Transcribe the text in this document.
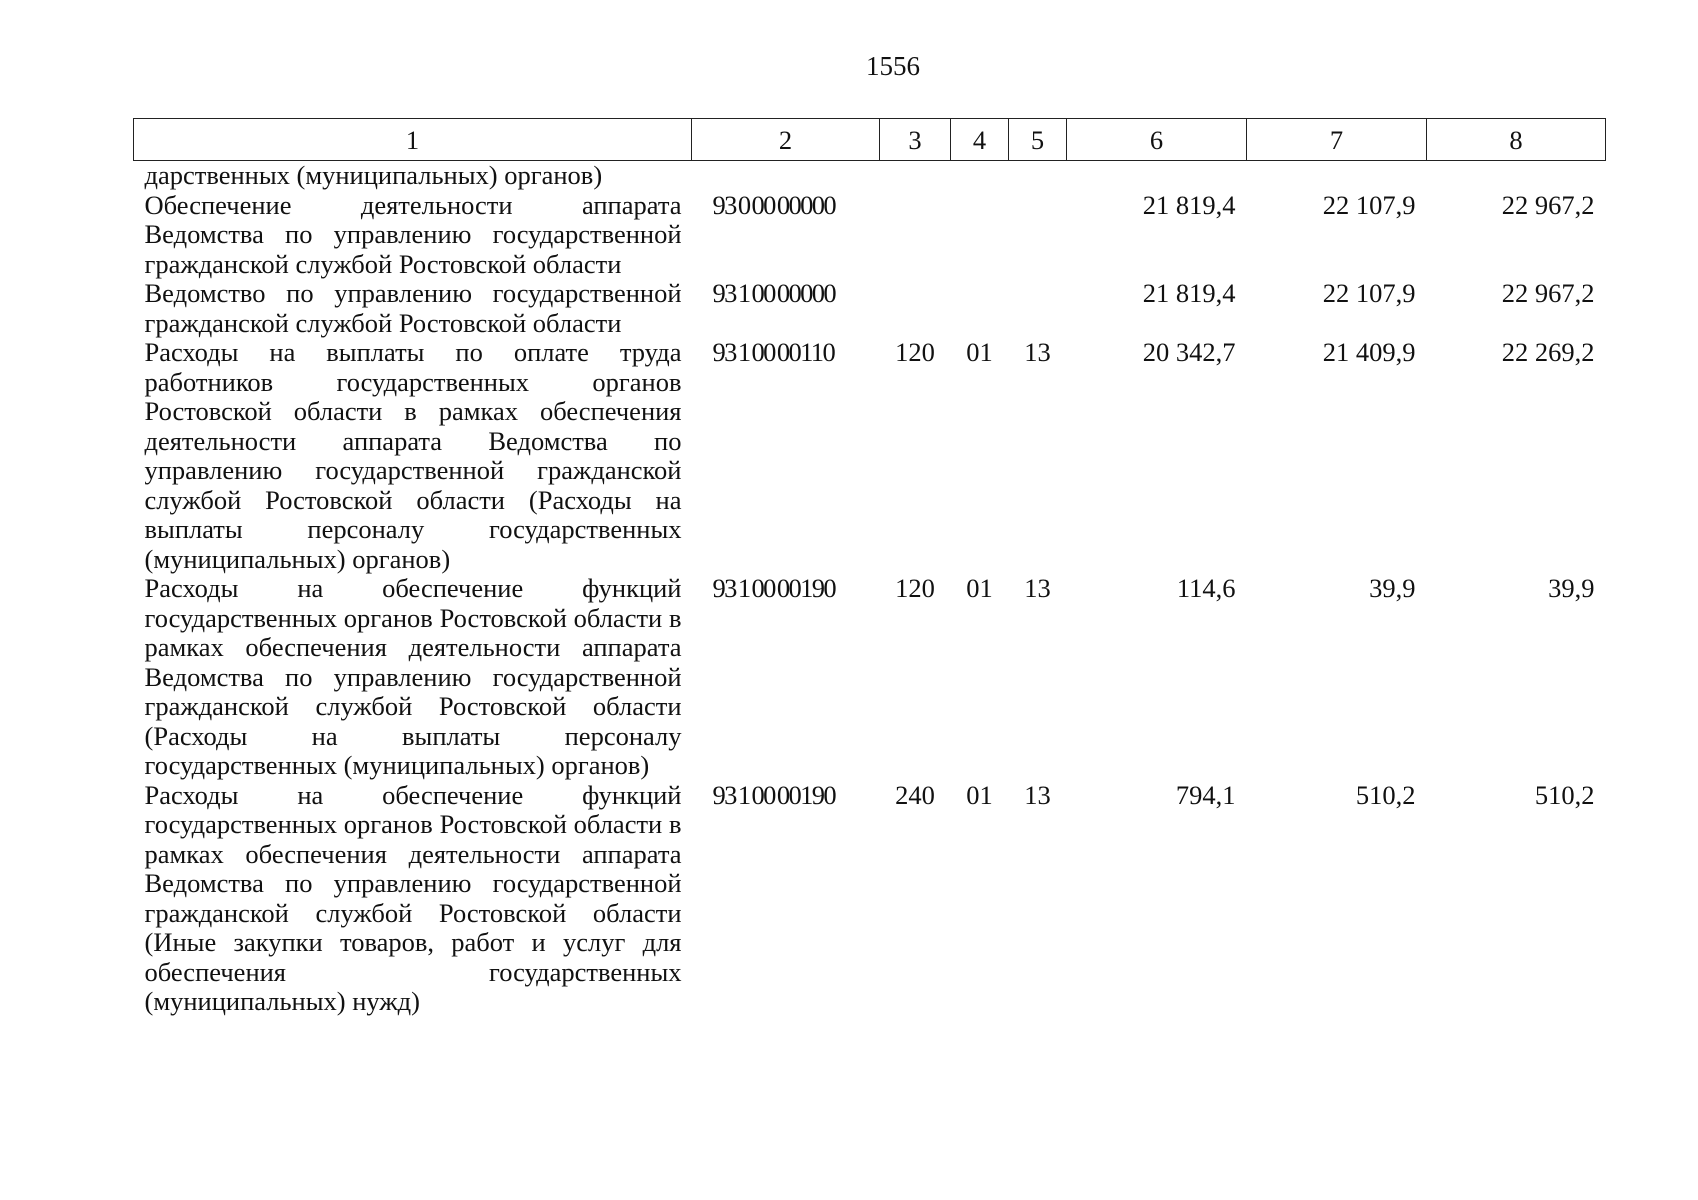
1556
1	2	3	4	5	6	7	8
дарственных (муниципальных) органов)							
Обеспечение деятельности аппарата Ведомства по управлению государственной гражданской службой Ростовской области	93 0 00 00000				21 819,4	22 107,9	22 967,2
Ведомство по управлению государственной гражданской службой Ростовской области	93 1 00 00000				21 819,4	22 107,9	22 967,2
Расходы на выплаты по оплате труда работников государственных органов Ростовской области в рамках обеспечения деятельности аппарата Ведомства по управлению государственной гражданской службой Ростовской области (Расходы на выплаты персоналу государственных (муниципальных) органов)	93 1 00 00110	120	01	13	20 342,7	21 409,9	22 269,2
Расходы на обеспечение функций государственных органов Ростовской области в рамках обеспечения деятельности аппарата Ведомства по управлению государственной гражданской службой Ростовской области (Расходы на выплаты персоналу государственных (муниципальных) органов)	93 1 00 00190	120	01	13	114,6	39,9	39,9
Расходы на обеспечение функций государственных органов Ростовской области в рамках обеспечения деятельности аппарата Ведомства по управлению государственной гражданской службой Ростовской области (Иные закупки товаров, работ и услуг для обеспечения государственных (муниципальных) нужд)	93 1 00 00190	240	01	13	794,1	510,2	510,2
